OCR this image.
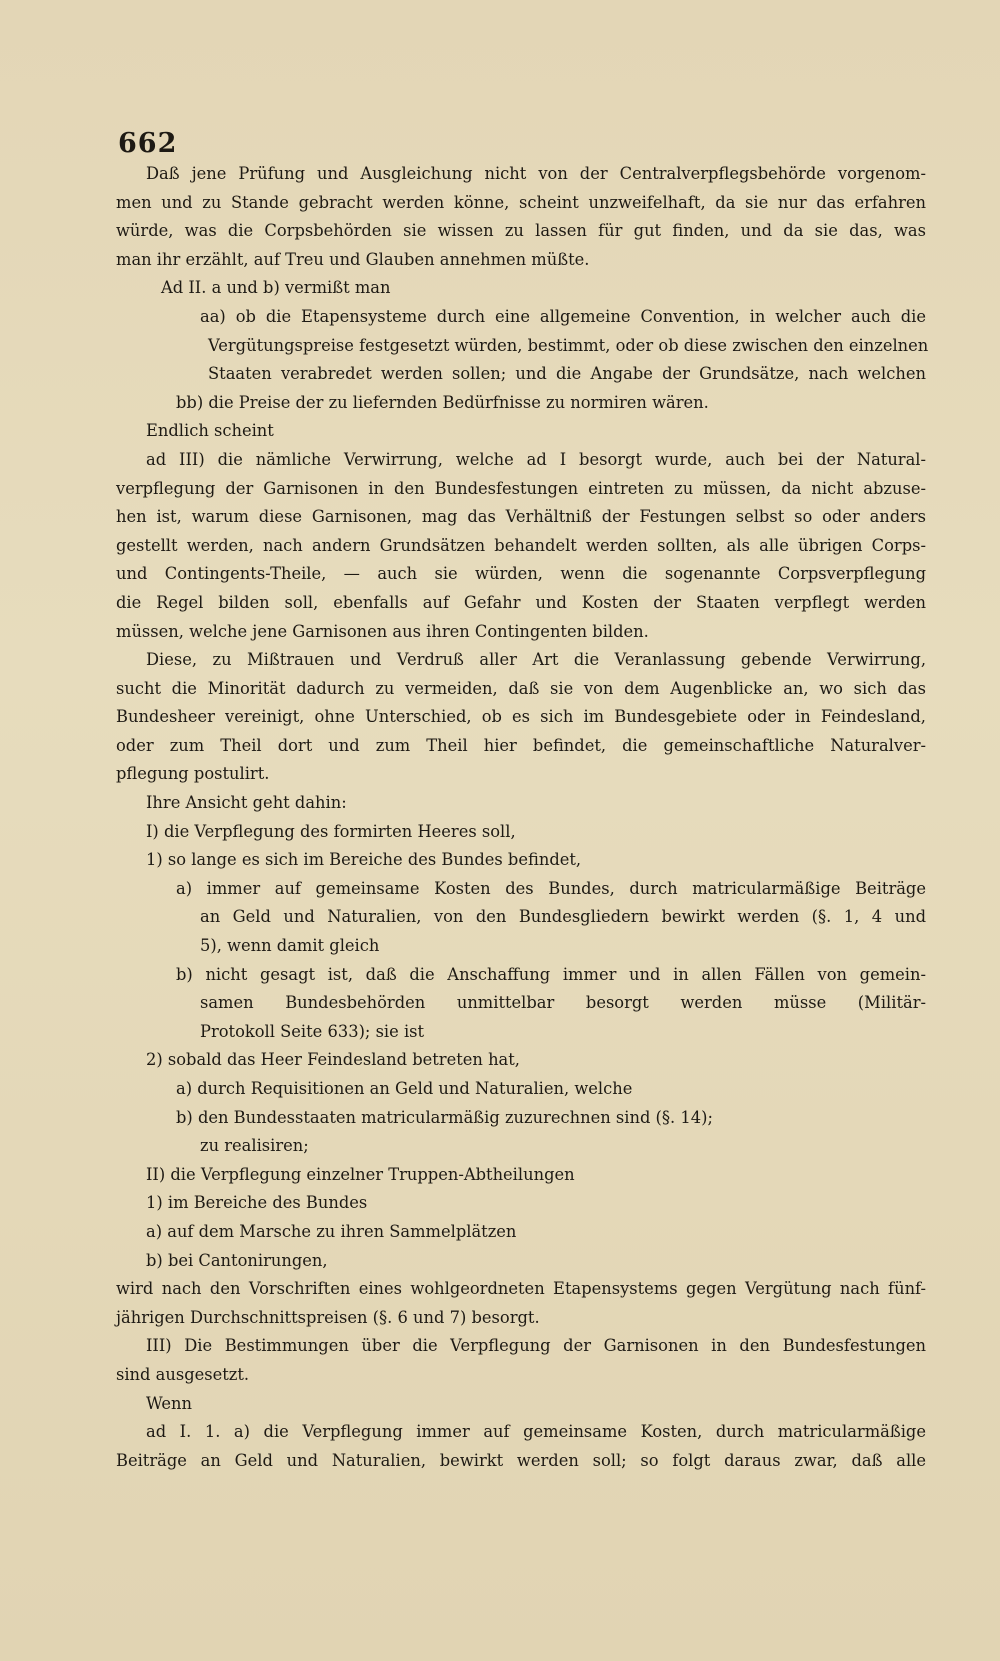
662
Daß jene Prüfung und Ausgleichung nicht von der Centralverpflegsbehörde vorgenom-
men und zu Stande gebracht werden könne, scheint unzweifelhaft, da sie nur das erfahren
würde, was die Corpsbehörden sie wissen zu lassen für gut finden, und da sie das, was
man ihr erzählt, auf Treu und Glauben annehmen müßte.
Ad II. a und b) vermißt man
aa) ob die Etapensysteme durch eine allgemeine Convention, in welcher auch die
Vergütungspreise festgesetzt würden, bestimmt, oder ob diese zwischen den einzelnen
Staaten verabredet werden sollen; und die Angabe der Grundsätze, nach welchen
bb) die Preise der zu liefernden Bedürfnisse zu normiren wären.
Endlich scheint
ad III) die nämliche Verwirrung, welche ad I besorgt wurde, auch bei der Natural-
verpflegung der Garnisonen in den Bundesfestungen eintreten zu müssen, da nicht abzuse-
hen ist, warum diese Garnisonen, mag das Verhältniß der Festungen selbst so oder anders
gestellt werden, nach andern Grundsätzen behandelt werden sollten, als alle übrigen Corps-
und Contingents-Theile, — auch sie würden, wenn die sogenannte Corpsverpflegung
die Regel bilden soll, ebenfalls auf Gefahr und Kosten der Staaten verpflegt werden
müssen, welche jene Garnisonen aus ihren Contingenten bilden.
Diese, zu Mißtrauen und Verdruß aller Art die Veranlassung gebende Verwirrung,
sucht die Minorität dadurch zu vermeiden, daß sie von dem Augenblicke an, wo sich das
Bundesheer vereinigt, ohne Unterschied, ob es sich im Bundesgebiete oder in Feindesland,
oder zum Theil dort und zum Theil hier befindet, die gemeinschaftliche Naturalver-
pflegung postulirt.
Ihre Ansicht geht dahin:
I) die Verpflegung des formirten Heeres soll,
1) so lange es sich im Bereiche des Bundes befindet,
a) immer auf gemeinsame Kosten des Bundes, durch matricularmäßige Beiträge
an Geld und Naturalien, von den Bundesgliedern bewirkt werden (§. 1, 4 und
5), wenn damit gleich
b) nicht gesagt ist, daß die Anschaffung immer und in allen Fällen von gemein-
samen Bundesbehörden unmittelbar besorgt werden müsse (Militär-
Protokoll Seite 633); sie ist
2) sobald das Heer Feindesland betreten hat,
a) durch Requisitionen an Geld und Naturalien, welche
b) den Bundesstaaten matricularmäßig zuzurechnen sind (§. 14);
zu realisiren;
II) die Verpflegung einzelner Truppen-Abtheilungen
1) im Bereiche des Bundes
a) auf dem Marsche zu ihren Sammelplätzen
b) bei Cantonirungen,
wird nach den Vorschriften eines wohlgeordneten Etapensystems gegen Vergütung nach fünf-
jährigen Durchschnittspreisen (§. 6 und 7) besorgt.
III) Die Bestimmungen über die Verpflegung der Garnisonen in den Bundesfestungen
sind ausgesetzt.
Wenn
ad I. 1. a) die Verpflegung immer auf gemeinsame Kosten, durch matricularmäßige
Beiträge an Geld und Naturalien, bewirkt werden soll; so folgt daraus zwar, daß alle
